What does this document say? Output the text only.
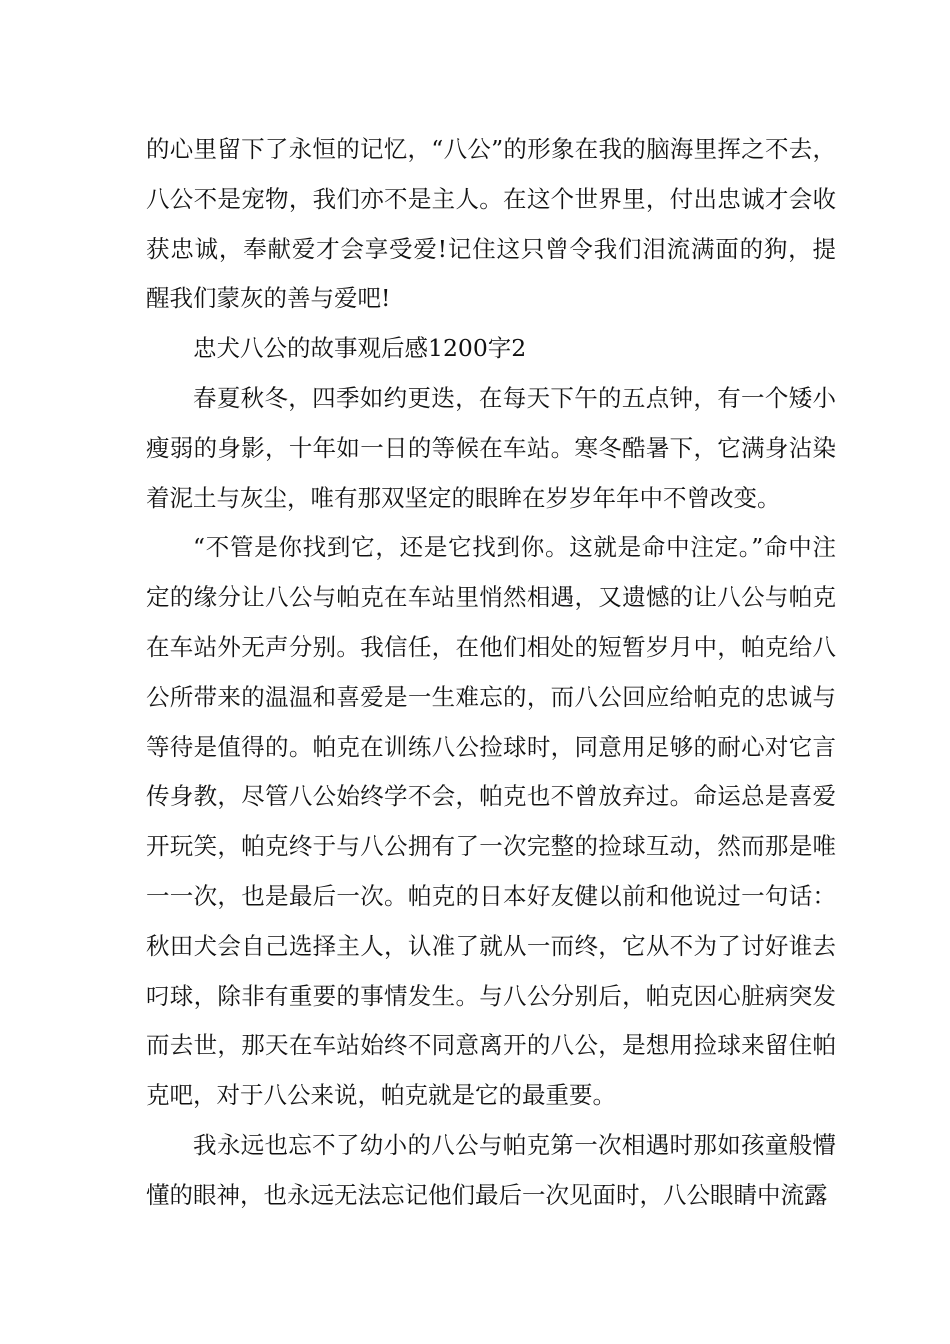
的心里留下了永恒的记忆，“八公”的形象在我的脑海里挥之不去，八公不是宠物，我们亦不是主人。在这个世界里，付出忠诚才会收获忠诚，奉献爱才会享受爱!记住这只曾令我们泪流满面的狗，提醒我们蒙灰的善与爱吧!

忠犬八公的故事观后感1200字2

春夏秋冬，四季如约更迭，在每天下午的五点钟，有一个矮小瘦弱的身影，十年如一日的等候在车站。寒冬酷暑下，它满身沾染着泥土与灰尘，唯有那双坚定的眼眸在岁岁年年中不曾改变。

“不管是你找到它，还是它找到你。这就是命中注定。”命中注定的缘分让八公与帕克在车站里悄然相遇，又遗憾的让八公与帕克在车站外无声分别。我信任，在他们相处的短暂岁月中，帕克给八公所带来的温温和喜爱是一生难忘的，而八公回应给帕克的忠诚与等待是值得的。帕克在训练八公捡球时，同意用足够的耐心对它言传身教，尽管八公始终学不会，帕克也不曾放弃过。命运总是喜爱开玩笑，帕克终于与八公拥有了一次完整的捡球互动，然而那是唯一一次，也是最后一次。帕克的日本好友健以前和他说过一句话：秋田犬会自己选择主人，认准了就从一而终，它从不为了讨好谁去叼球，除非有重要的事情发生。与八公分别后，帕克因心脏病突发而去世，那天在车站始终不同意离开的八公，是想用捡球来留住帕克吧，对于八公来说，帕克就是它的最重要。

我永远也忘不了幼小的八公与帕克第一次相遇时那如孩童般懵懂的眼神，也永远无法忘记他们最后一次见面时，八公眼睛中流露
